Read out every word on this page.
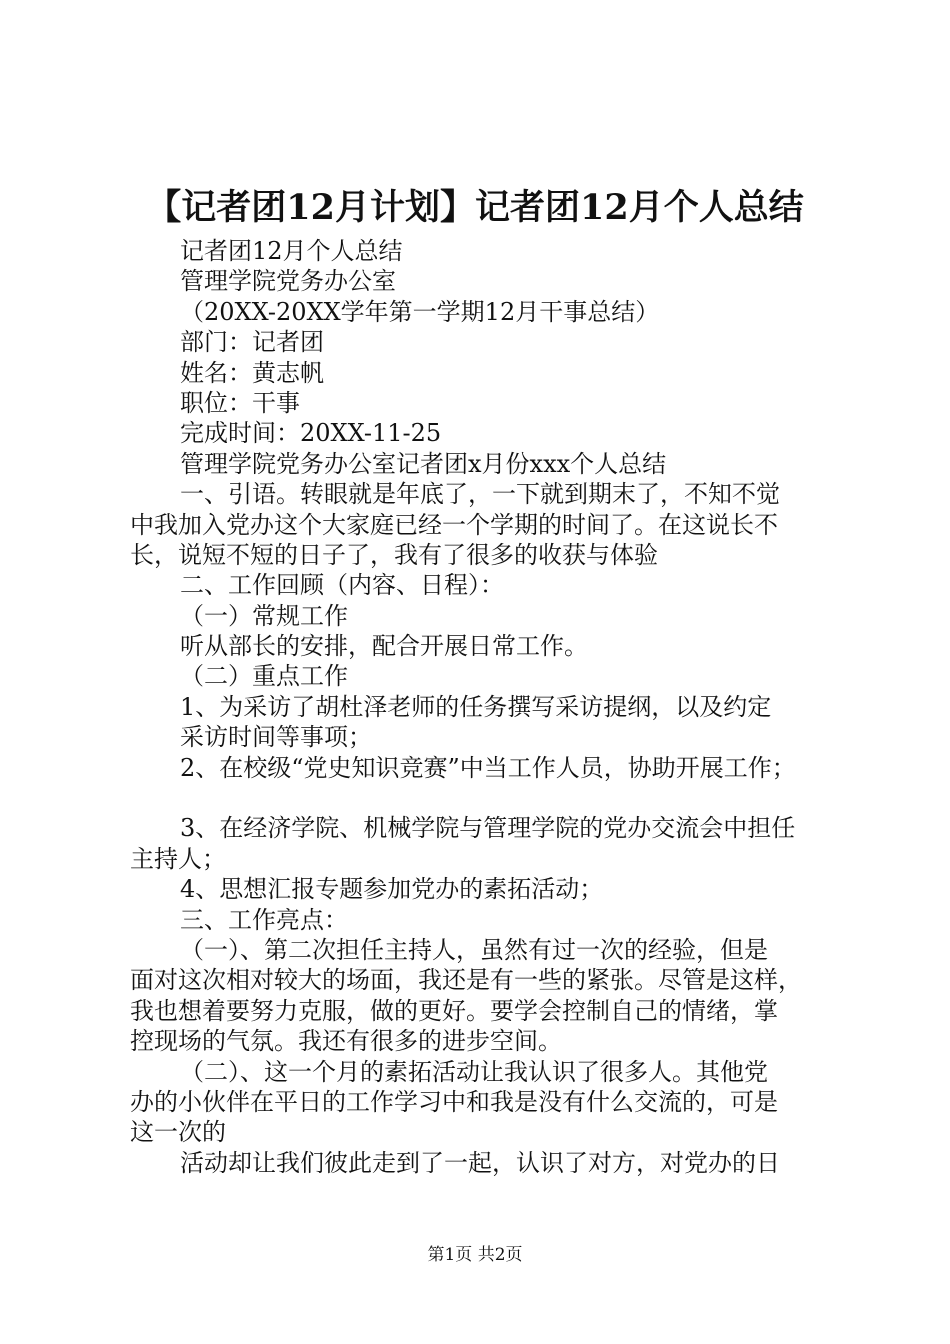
【记者团12月计划】记者团12月个人总结
记者团12月个人总结
管理学院党务办公室
（20XX-20XX学年第一学期12月干事总结）
部门：记者团
姓名：黄志帆
职位：干事
完成时间：20XX-11-25
管理学院党务办公室记者团x月份xxx个人总结
一、引语。转眼就是年底了，一下就到期末了，不知不觉
中我加入党办这个大家庭已经一个学期的时间了。在这说长不
长，说短不短的日子了，我有了很多的收获与体验
二、工作回顾（内容、日程）：
（一）常规工作
听从部长的安排，配合开展日常工作。
（二）重点工作
1、为采访了胡杜泽老师的任务撰写采访提纲，以及约定
采访时间等事项；
2、在校级“党史知识竞赛”中当工作人员，协助开展工作；
3、在经济学院、机械学院与管理学院的党办交流会中担任
主持人；
4、思想汇报专题参加党办的素拓活动；
三、工作亮点：
（一）、第二次担任主持人，虽然有过一次的经验，但是
面对这次相对较大的场面，我还是有一些的紧张。尽管是这样，
我也想着要努力克服，做的更好。要学会控制自己的情绪，掌
控现场的气氛。我还有很多的进步空间。
（二）、这一个月的素拓活动让我认识了很多人。其他党
办的小伙伴在平日的工作学习中和我是没有什么交流的，可是
这一次的
活动却让我们彼此走到了一起，认识了对方，对党办的日
第1页 共2页
